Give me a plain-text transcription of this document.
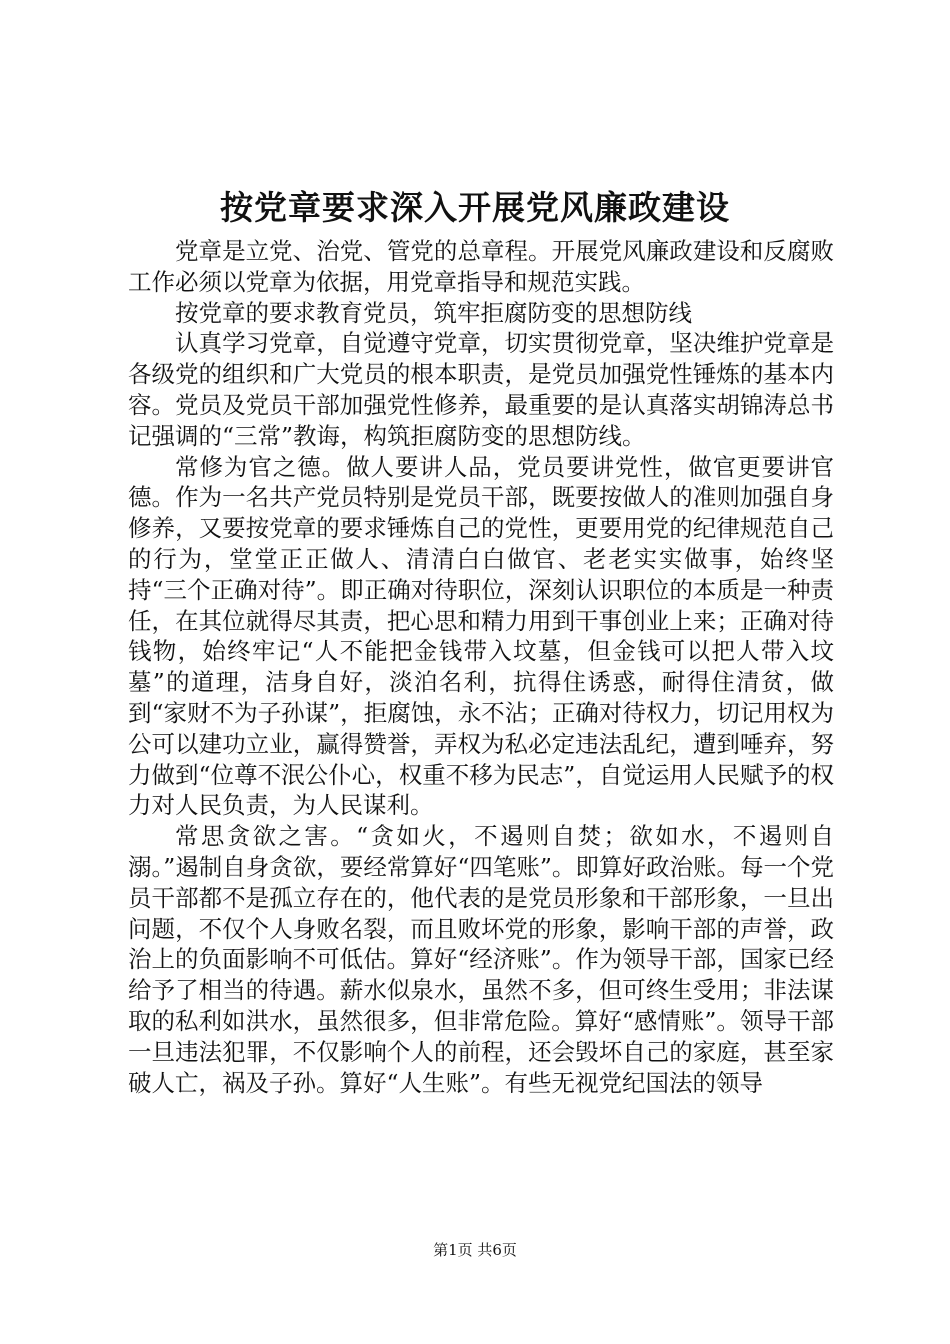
按党章要求深入开展党风廉政建设

党章是立党、治党、管党的总章程。开展党风廉政建设和反腐败工作必须以党章为依据，用党章指导和规范实践。

按党章的要求教育党员，筑牢拒腐防变的思想防线

认真学习党章，自觉遵守党章，切实贯彻党章，坚决维护党章是各级党的组织和广大党员的根本职责，是党员加强党性锤炼的基本内容。党员及党员干部加强党性修养，最重要的是认真落实胡锦涛总书记强调的“三常”教诲，构筑拒腐防变的思想防线。

常修为官之德。做人要讲人品，党员要讲党性，做官更要讲官德。作为一名共产党员特别是党员干部，既要按做人的准则加强自身修养，又要按党章的要求锤炼自己的党性，更要用党的纪律规范自己的行为，堂堂正正做人、清清白白做官、老老实实做事，始终坚持“三个正确对待”。即正确对待职位，深刻认识职位的本质是一种责任，在其位就得尽其责，把心思和精力用到干事创业上来；正确对待钱物，始终牢记“人不能把金钱带入坟墓，但金钱可以把人带入坟墓”的道理，洁身自好，淡泊名利，抗得住诱惑，耐得住清贫，做到“家财不为子孙谋”，拒腐蚀，永不沾；正确对待权力，切记用权为公可以建功立业，赢得赞誉，弄权为私必定违法乱纪，遭到唾弃，努力做到“位尊不泯公仆心，权重不移为民志”，自觉运用人民赋予的权力对人民负责，为人民谋利。

常思贪欲之害。“贪如火，不遏则自焚；欲如水，不遏则自溺。”遏制自身贪欲，要经常算好“四笔账”。即算好政治账。每一个党员干部都不是孤立存在的，他代表的是党员形象和干部形象，一旦出问题，不仅个人身败名裂，而且败坏党的形象，影响干部的声誉，政治上的负面影响不可低估。算好“经济账”。作为领导干部，国家已经给予了相当的待遇。薪水似泉水，虽然不多，但可终生受用；非法谋取的私利如洪水，虽然很多，但非常危险。算好“感情账”。领导干部一旦违法犯罪，不仅影响个人的前程，还会毁坏自己的家庭，甚至家破人亡，祸及子孙。算好“人生账”。有些无视党纪国法的领导

第1页 共6页
